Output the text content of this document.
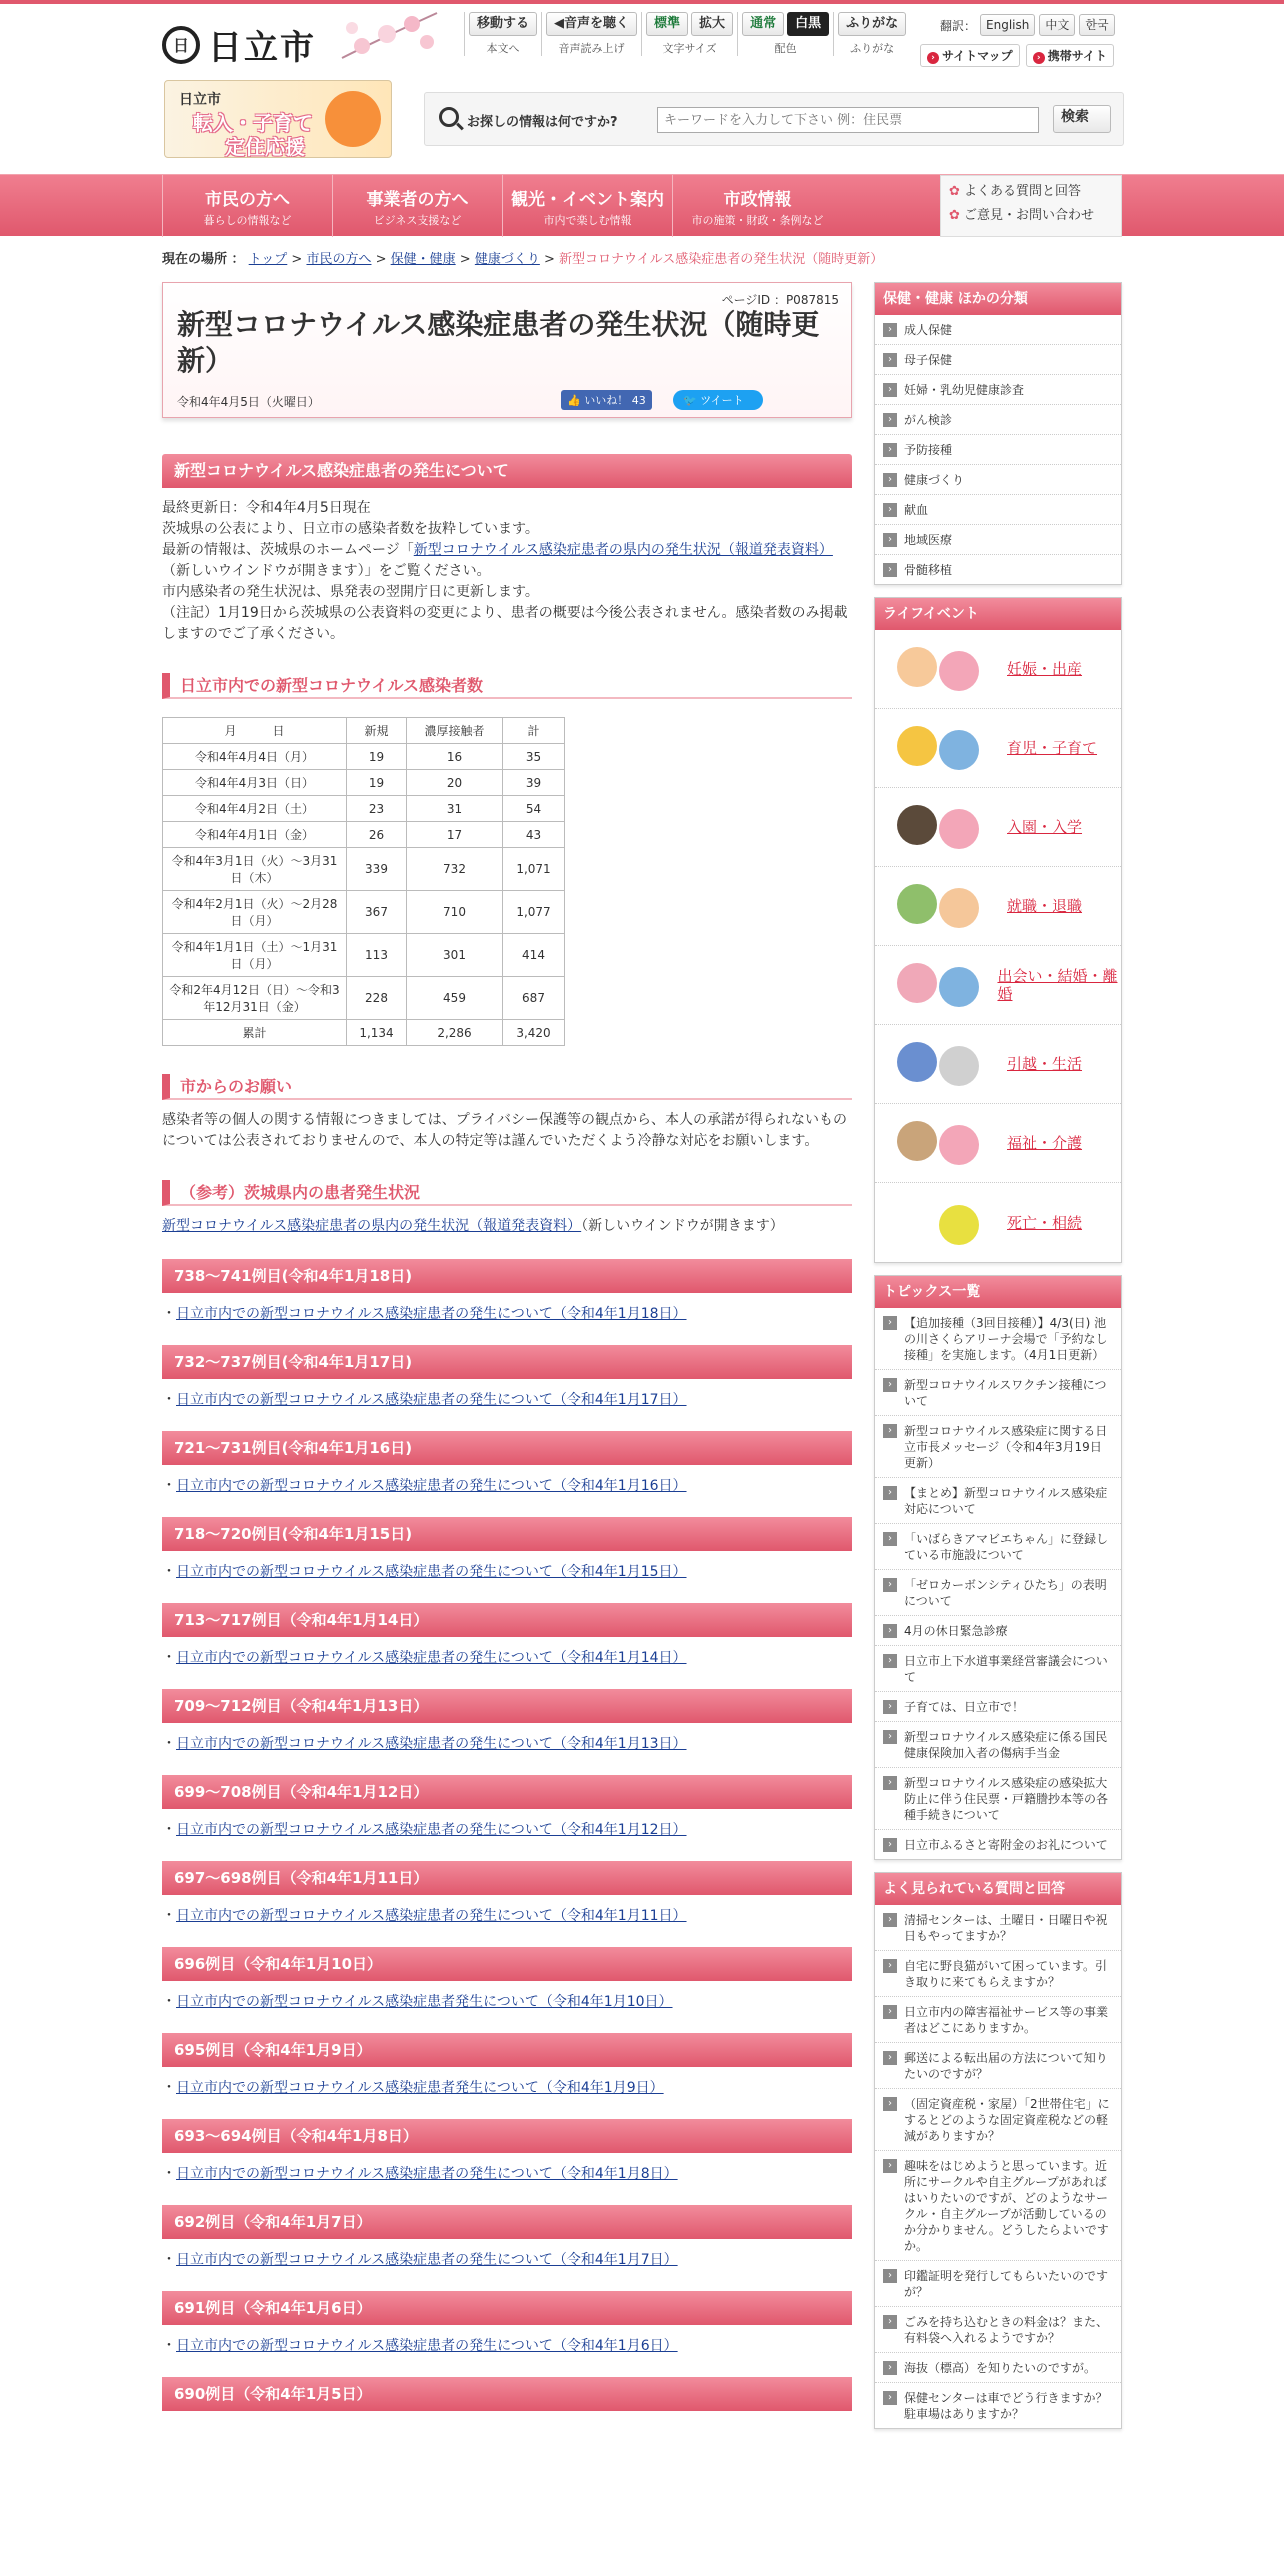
日 日立市
日立市
転入・子育て
定住応援
移動する
本文へ
◀音声を聴く
音声読み上げ
標準	拡大
文字サイズ
通常	白黒
配色
ふりがな
ふりがな
翻訳： English	中文	한국
› サイトマップ	› 携帯サイト
お探しの情報は何ですか?
キーワードを入力して下さい 例：住民票	検索
市民の方へ
暮らしの情報など
事業者の方へ
ビジネス支援など
観光・イベント案内
市内で楽しむ情報
市政情報
市の施策・財政・条例など
✿ よくある質問と回答
✿ ご意見・お問い合わせ
現在の場所 ： トップ > 市民の方へ > 保健・健康 > 健康づくり > 新型コロナウイルス感染症患者の発生状況（随時更新）
ページID ：P087815
新型コロナウイルス感染症患者の発生状況（随時更新）
令和4年4月5日（火曜日）	👍 いいね！ 43	🐦 ツイート
新型コロナウイルス感染症患者の発生について
最終更新日：令和4年4月5日現在
茨城県の公表により、日立市の感染者数を抜粋しています。
最新の情報は、茨城県のホームページ「新型コロナウイルス感染症患者の県内の発生状況（報道発表資料）（新しいウインドウが開きます）」をご覧ください。
市内感染者の発生状況は、県発表の翌開庁日に更新します。
（注記）1月19日から茨城県の公表資料の変更により、患者の概要は今後公表されません。感染者数のみ掲載しますのでご了承ください。
日立市内での新型コロナウイルス感染者数
月　　　日	新規	濃厚接触者	計
令和4年4月4日（月）	19	16	35
令和4年4月3日（日）	19	20	39
令和4年4月2日（土）	23	31	54
令和4年4月1日（金）	26	17	43
令和4年3月1日（火）～3月31日（木）	339	732	1,071
令和4年2月1日（火）～2月28日（月）	367	710	1,077
令和4年1月1日（土）～1月31日（月）	113	301	414
令和2年4月12日（日）～令和3年12月31日（金）	228	459	687
累計	1,134	2,286	3,420
市からのお願い
感染者等の個人の関する情報につきましては、プライバシー保護等の観点から、本人の承諾が得られないものについては公表されておりませんので、本人の特定等は謹んでいただくよう冷静な対応をお願いします。
（参考）茨城県内の患者発生状況
新型コロナウイルス感染症患者の県内の発生状況（報道発表資料）（新しいウインドウが開きます）
738～741例目(令和4年1月18日)
・日立市内での新型コロナウイルス感染症患者の発生について（令和4年1月18日）
732～737例目(令和4年1月17日)
・日立市内での新型コロナウイルス感染症患者の発生について（令和4年1月17日）
721～731例目(令和4年1月16日)
・日立市内での新型コロナウイルス感染症患者の発生について（令和4年1月16日）
718～720例目(令和4年1月15日)
・日立市内での新型コロナウイルス感染症患者の発生について（令和4年1月15日）
713～717例目（令和4年1月14日）
・日立市内での新型コロナウイルス感染症患者の発生について（令和4年1月14日）
709～712例目（令和4年1月13日）
・日立市内での新型コロナウイルス感染症患者の発生について（令和4年1月13日）
699～708例目（令和4年1月12日）
・日立市内での新型コロナウイルス感染症患者の発生について（令和4年1月12日）
697～698例目（令和4年1月11日）
・日立市内での新型コロナウイルス感染症患者の発生について（令和4年1月11日）
696例目（令和4年1月10日）
・日立市内での新型コロナウイルス感染症患者発生について（令和4年1月10日）
695例目（令和4年1月9日）
・日立市内での新型コロナウイルス感染症患者発生について（令和4年1月9日）
693～694例目（令和4年1月8日）
・日立市内での新型コロナウイルス感染症患者の発生について（令和4年1月8日）
692例目（令和4年1月7日）
・日立市内での新型コロナウイルス感染症患者の発生について（令和4年1月7日）
691例目（令和4年1月6日）
・日立市内での新型コロナウイルス感染症患者の発生について（令和4年1月6日）
690例目（令和4年1月5日）
保健・健康 ほかの分類
›	成人保健
›	母子保健
›	妊婦・乳幼児健康診査
›	がん検診
›	予防接種
›	健康づくり
›	献血
›	地域医療
›	骨髄移植
ライフイベント
妊娠・出産
育児・子育て
入園・入学
就職・退職
出会い・結婚・離婚
引越・生活
福祉・介護
死亡・相続
トピックス一覧
›	【追加接種（3回目接種）】4/3(日) 池の川さくらアリーナ会場で「予約なし接種」を実施します。（4月1日更新）
›	新型コロナウイルスワクチン接種について
›	新型コロナウイルス感染症に関する日立市長メッセージ（令和4年3月19日更新）
›	【まとめ】新型コロナウイルス感染症対応について
›	「いばらきアマビエちゃん」に登録している市施設について
›	「ゼロカーボンシティひたち」の表明について
›	4月の休日緊急診療
›	日立市上下水道事業経営審議会について
›	子育ては、日立市で！
›	新型コロナウイルス感染症に係る国民健康保険加入者の傷病手当金
›	新型コロナウイルス感染症の感染拡大防止に伴う住民票・戸籍謄抄本等の各種手続きについて
›	日立市ふるさと寄附金のお礼について
よく見られている質問と回答
›	清掃センターは、土曜日・日曜日や祝日もやってますか？
›	自宅に野良猫がいて困っています。引き取りに来てもらえますか？
›	日立市内の障害福祉サービス等の事業者はどこにありますか。
›	郵送による転出届の方法について知りたいのですが？
›	（固定資産税・家屋）「2世帯住宅」にするとどのような固定資産税などの軽減がありますか？
›	趣味をはじめようと思っています。近所にサークルや自主グループがあればはいりたいのですが、どのようなサークル・自主グループが活動しているのか分かりません。どうしたらよいですか。
›	印鑑証明を発行してもらいたいのですが？
›	ごみを持ち込むときの料金は？また、有料袋へ入れるようですか？
›	海抜（標高）を知りたいのですが。
›	保健センターは車でどう行きますか？駐車場はありますか？
